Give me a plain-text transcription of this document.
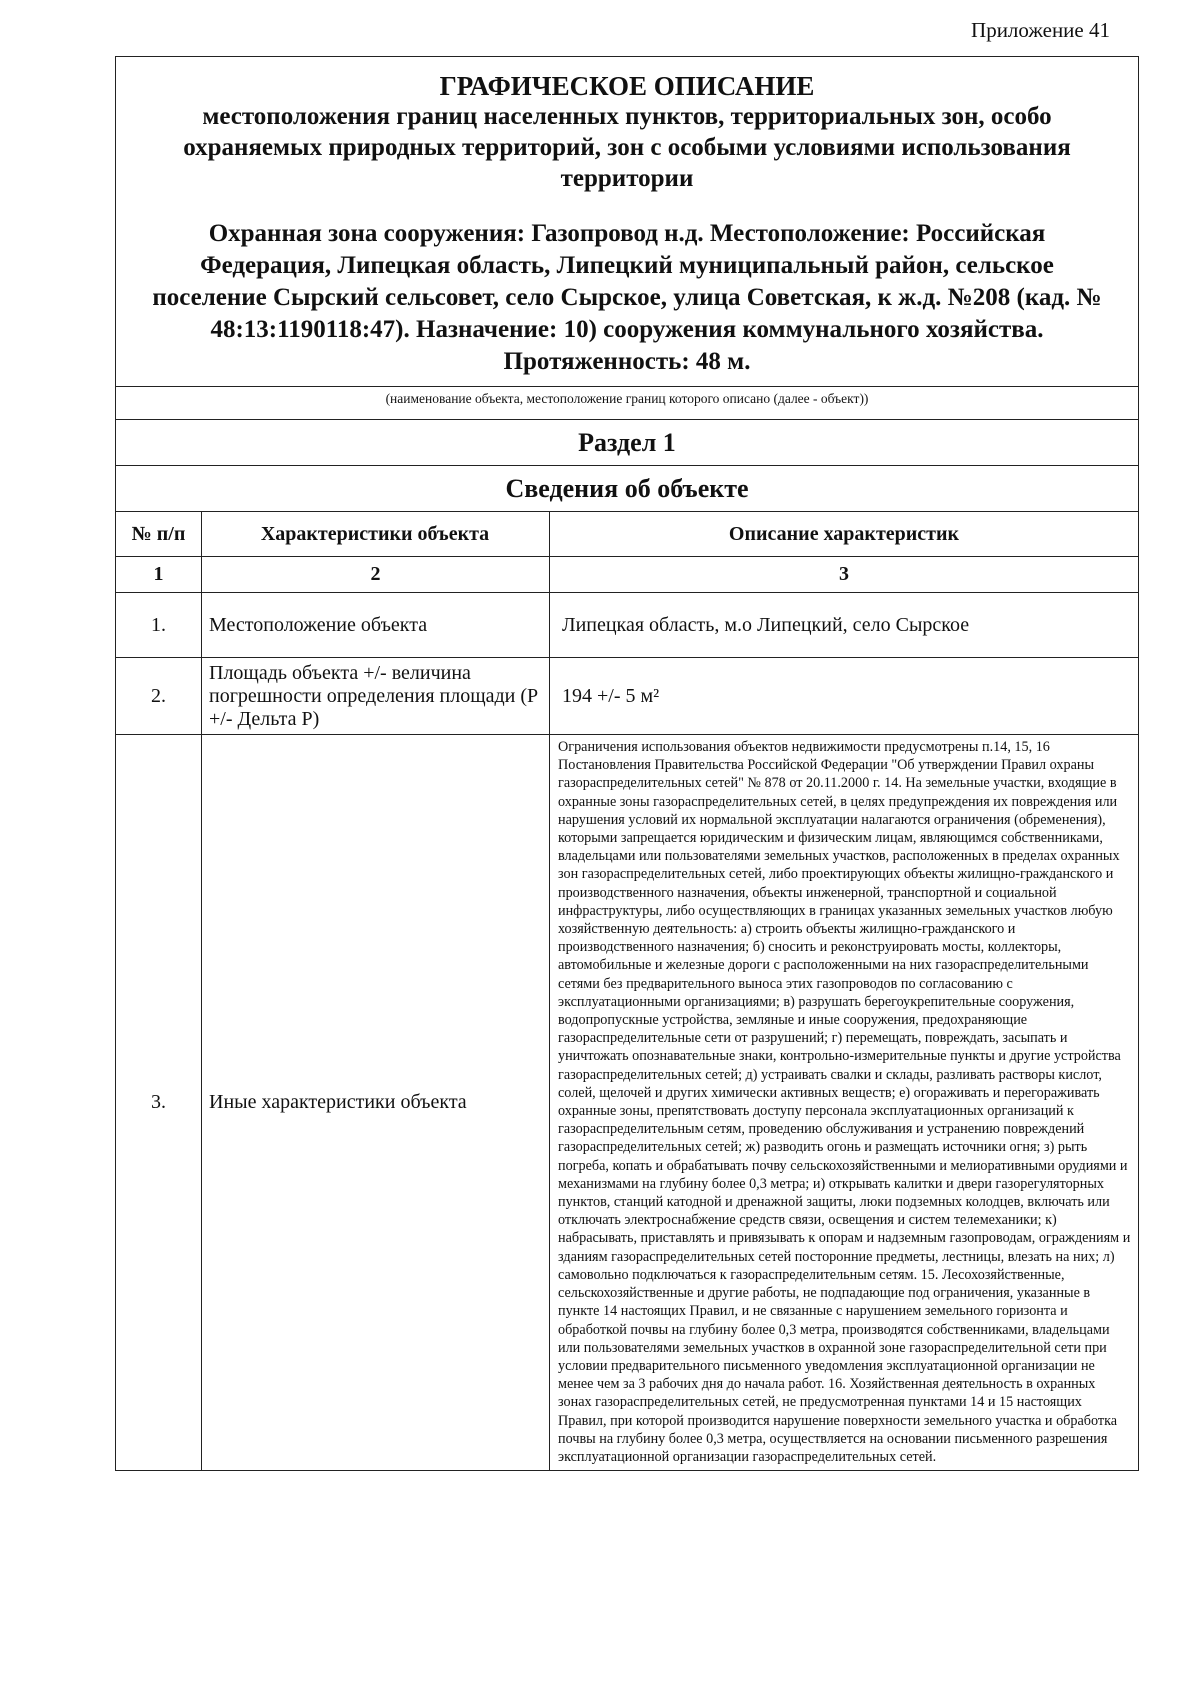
Приложение 41
ГРАФИЧЕСКОЕ ОПИСАНИЕ
местоположения границ населенных пунктов, территориальных зон, особо охраняемых природных территорий, зон с особыми условиями использования территории
Охранная зона сооружения: Газопровод н.д. Местоположение: Российская Федерация, Липецкая область, Липецкий муниципальный район, сельское поселение Сырский сельсовет, село Сырское, улица Советская, к ж.д. №208 (кад. № 48:13:1190118:47). Назначение: 10) сооружения коммунального хозяйства. Протяженность: 48 м.
(наименование объекта, местоположение границ которого описано (далее - объект))
Раздел 1
Сведения об объекте
№ п/п	Характеристики объекта	Описание характеристик
1	2	3
1.	Местоположение объекта	Липецкая область, м.о Липецкий, село Сырское
2.	Площадь объекта +/- величина погрешности определения площади (Р +/- Дельта Р)	194 +/- 5 м²
3.	Иные характеристики объекта	Ограничения использования объектов недвижимости предусмотрены п.14, 15, 16 Постановления Правительства Российской Федерации "Об утверждении Правил охраны газораспределительных сетей" № 878 от 20.11.2000 г. 14. На земельные участки, входящие в охранные зоны газораспределительных сетей, в целях предупреждения их повреждения или нарушения условий их нормальной эксплуатации налагаются ограничения (обременения), которыми запрещается юридическим и физическим лицам, являющимся собственниками, владельцами или пользователями земельных участков, расположенных в пределах охранных зон газораспределительных сетей, либо проектирующих объекты жилищно-гражданского и производственного назначения, объекты инженерной, транспортной и социальной инфраструктуры, либо осуществляющих в границах указанных земельных участков любую хозяйственную деятельность: а) строить объекты жилищно-гражданского и производственного назначения; б) сносить и реконструировать мосты, коллекторы, автомобильные и железные дороги с расположенными на них газораспределительными сетями без предварительного выноса этих газопроводов по согласованию с эксплуатационными организациями; в) разрушать берегоукрепительные сооружения, водопропускные устройства, земляные и иные сооружения, предохраняющие газораспределительные сети от разрушений; г) перемещать, повреждать, засыпать и уничтожать опознавательные знаки, контрольно-измерительные пункты и другие устройства газораспределительных сетей; д) устраивать свалки и склады, разливать растворы кислот, солей, щелочей и других химически активных веществ; е) огораживать и перегораживать охранные зоны, препятствовать доступу персонала эксплуатационных организаций к газораспределительным сетям, проведению обслуживания и устранению повреждений газораспределительных сетей; ж) разводить огонь и размещать источники огня; з) рыть погреба, копать и обрабатывать почву сельскохозяйственными и мелиоративными орудиями и механизмами на глубину более 0,3 метра; и) открывать калитки и двери газорегуляторных пунктов, станций катодной и дренажной защиты, люки подземных колодцев, включать или отключать электроснабжение средств связи, освещения и систем телемеханики; к) набрасывать, приставлять и привязывать к опорам и надземным газопроводам, ограждениям и зданиям газораспределительных сетей посторонние предметы, лестницы, влезать на них; л) самовольно подключаться к газораспределительным сетям. 15. Лесохозяйственные, сельскохозяйственные и другие работы, не подпадающие под ограничения, указанные в пункте 14 настоящих Правил, и не связанные с нарушением земельного горизонта и обработкой почвы на глубину более 0,3 метра, производятся собственниками, владельцами или пользователями земельных участков в охранной зоне газораспределительной сети при условии предварительного письменного уведомления эксплуатационной организации не менее чем за 3 рабочих дня до начала работ. 16. Хозяйственная деятельность в охранных зонах газораспределительных сетей, не предусмотренная пунктами 14 и 15 настоящих Правил, при которой производится нарушение поверхности земельного участка и обработка почвы на глубину более 0,3 метра, осуществляется на основании письменного разрешения эксплуатационной организации газораспределительных сетей.
